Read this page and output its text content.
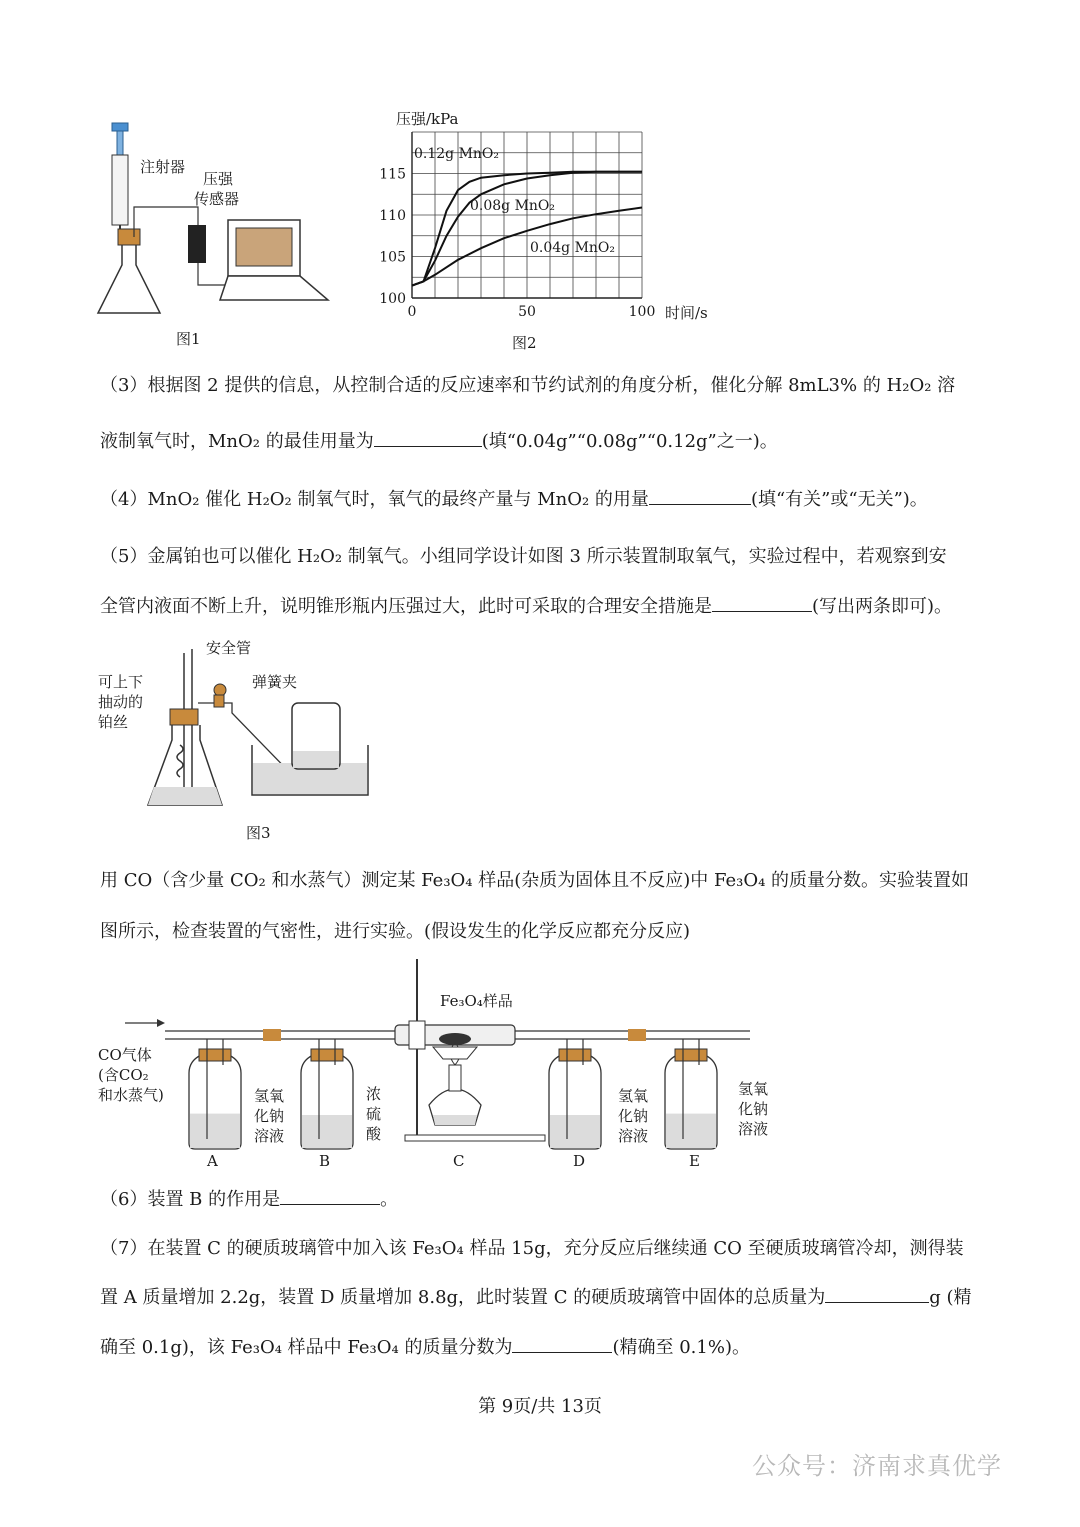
注射器
压强
传感器
图1
0	50	100
100
105
110
115
压强/kPa
时间/s
0.12g MnO₂
0.08g MnO₂
0.04g MnO₂
图2
（3）根据图 2 提供的信息，从控制合适的反应速率和节约试剂的角度分析，催化分解 8mL3% 的 H₂O₂ 溶
液制氧气时，MnO₂ 的最佳用量为	(填“0.04g”“0.08g”“0.12g”之一)。
（4）MnO₂ 催化 H₂O₂ 制氧气时，氧气的最终产量与 MnO₂ 的用量	(填“有关”或“无关”)。
（5）金属铂也可以催化 H₂O₂ 制氧气。小组同学设计如图 3 所示装置制取氧气，实验过程中，若观察到安
全管内液面不断上升，说明锥形瓶内压强过大，此时可采取的合理安全措施是	(写出两条即可)。
安全管
弹簧夹
可上下
抽动的
铂丝
图3
用 CO（含少量 CO₂ 和水蒸气）测定某 Fe₃O₄ 样品(杂质为固体且不反应)中 Fe₃O₄ 的质量分数。实验装置如
图所示，检查装置的气密性，进行实验。(假设发生的化学反应都充分反应)
Fe₃O₄样品
CO气体
(含CO₂
和水蒸气)	氢氧
化钠
溶液
浓
硫
酸
氢氧
化钠
溶液
氢氧
化钠
溶液
A	B	C	D	E
（6）装置 B 的作用是	。
（7）在装置 C 的硬质玻璃管中加入该 Fe₃O₄ 样品 15g，充分反应后继续通 CO 至硬质玻璃管冷却，测得装
置 A 质量增加 2.2g，装置 D 质量增加 8.8g，此时装置 C 的硬质玻璃管中固体的总质量为	g (精
确至 0.1g)，该 Fe₃O₄ 样品中 Fe₃O₄ 的质量分数为	(精确至 0.1%)。
第 9页/共 13页
公众号：济南求真优学
